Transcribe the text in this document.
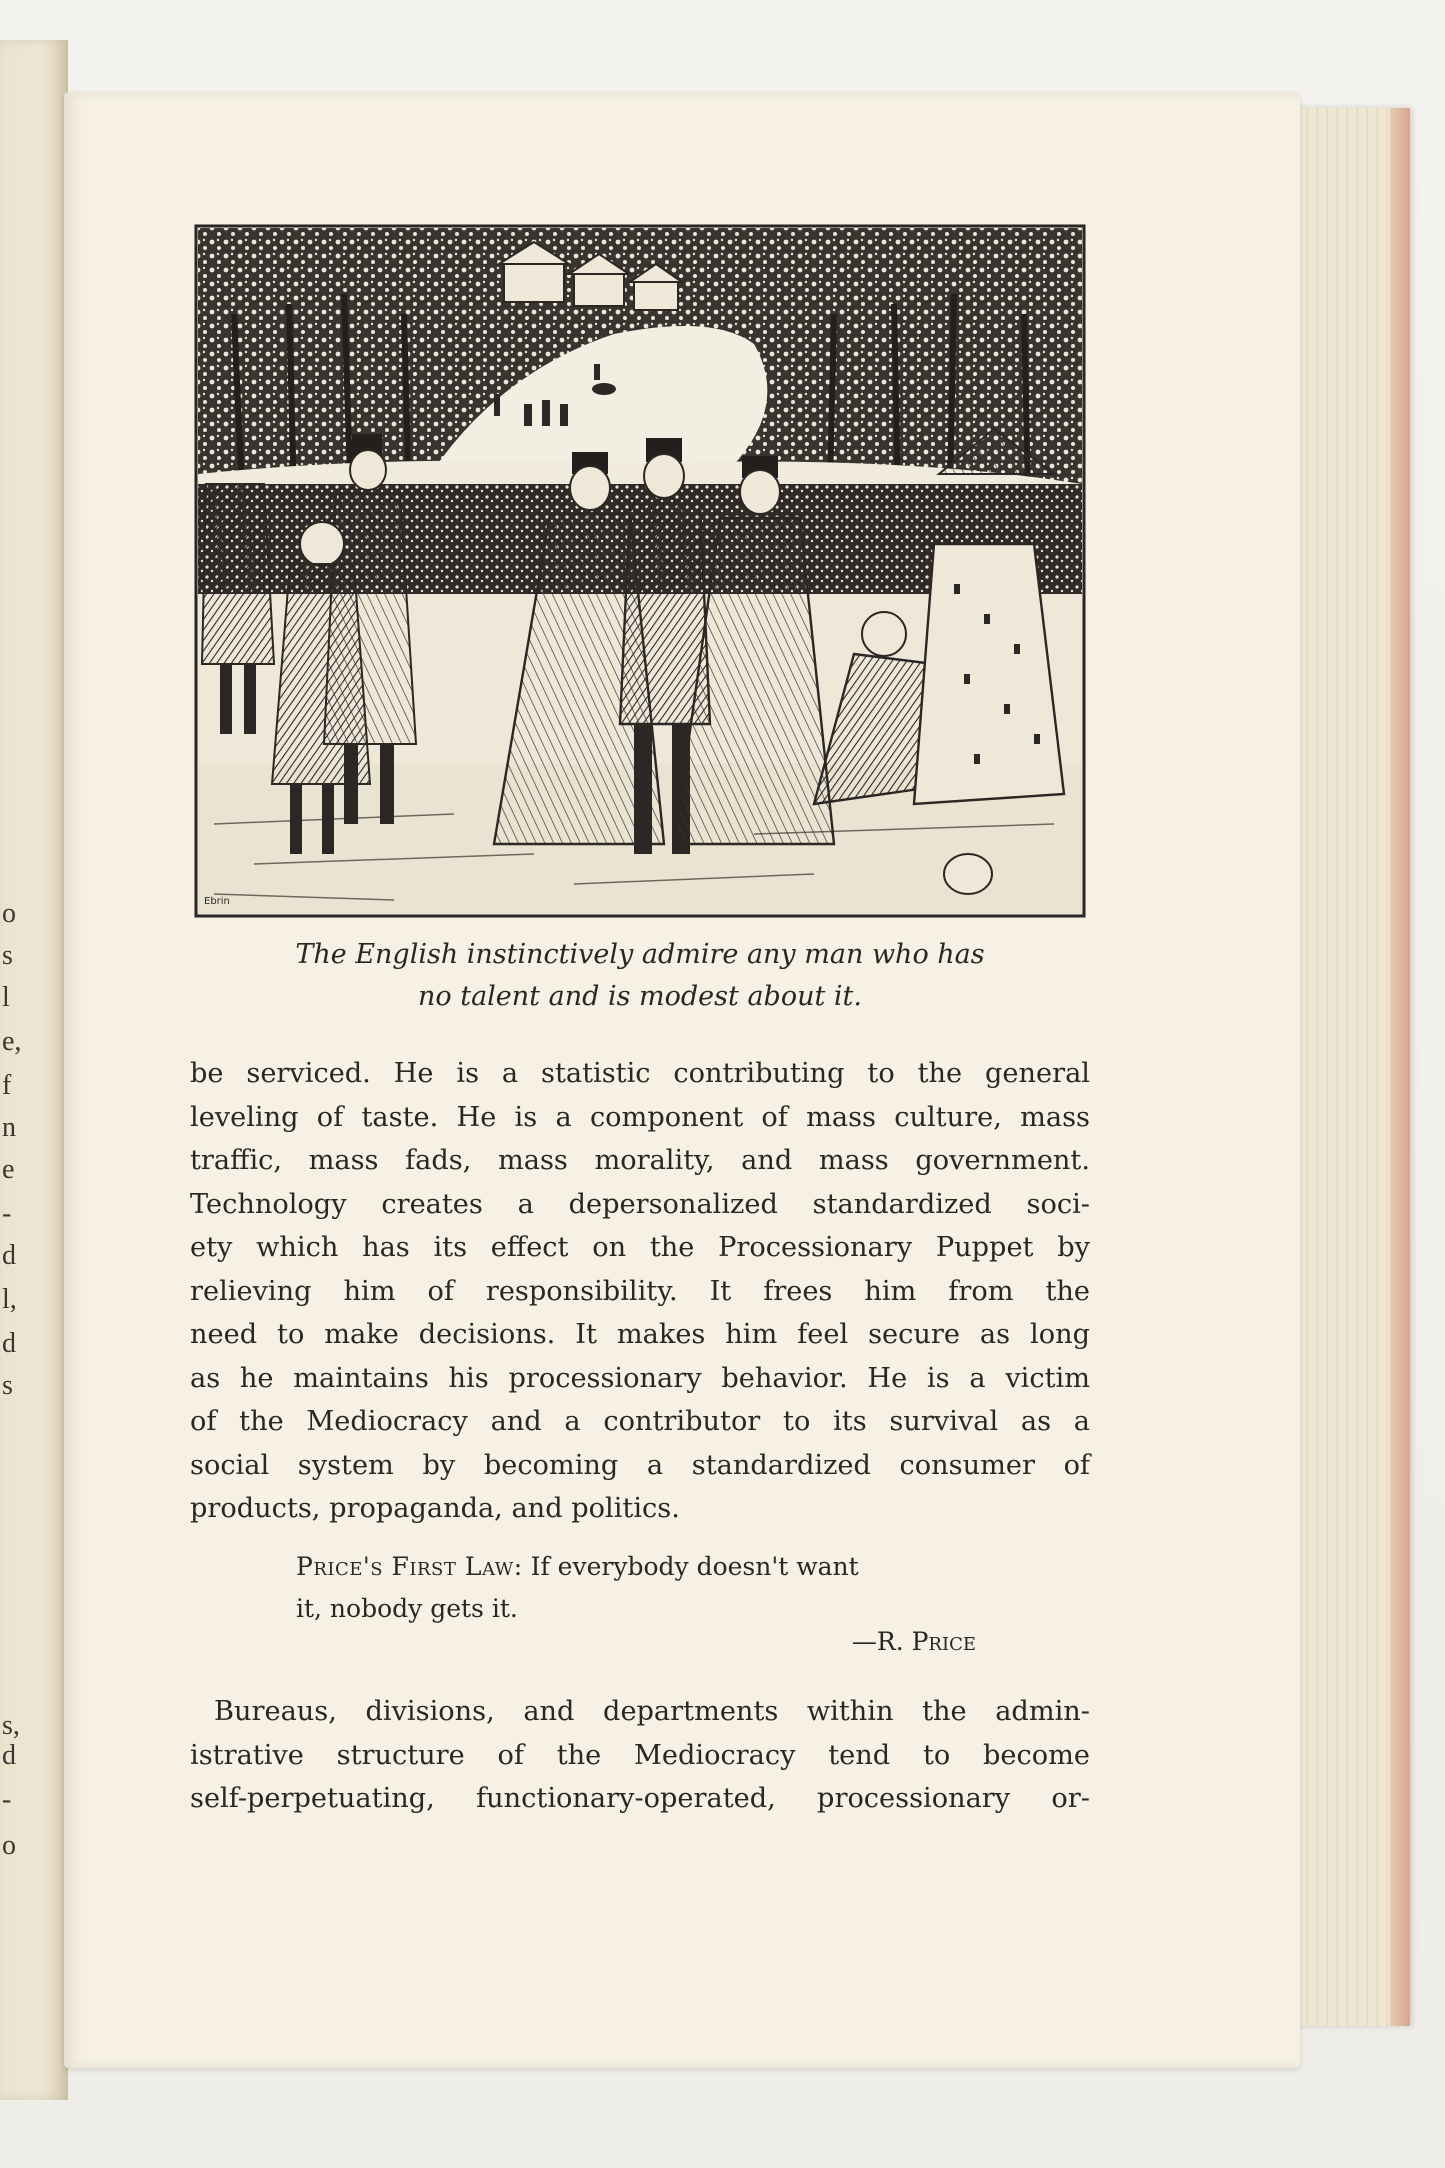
o
s
l
e,
f
n
e
-
d
l,
d
s
s,
d
-
o
Ebrin
The English instinctively admire any man who has
no talent and is modest about it.
be serviced. He is a statistic contributing to the general
leveling of taste. He is a component of mass culture, mass
traffic, mass fads, mass morality, and mass government.
Technology creates a depersonalized standardized soci-
ety which has its effect on the Processionary Puppet by
relieving him of responsibility. It frees him from the
need to make decisions. It makes him feel secure as long
as he maintains his processionary behavior. He is a victim
of the Mediocracy and a contributor to its survival as a
social system by becoming a standardized consumer of
products, propaganda, and politics.
Price's First Law: If everybody doesn't want
it, nobody gets it.
—R. Price
Bureaus, divisions, and departments within the admin-
istrative structure of the Mediocracy tend to become
self-perpetuating, functionary-operated, processionary or-
